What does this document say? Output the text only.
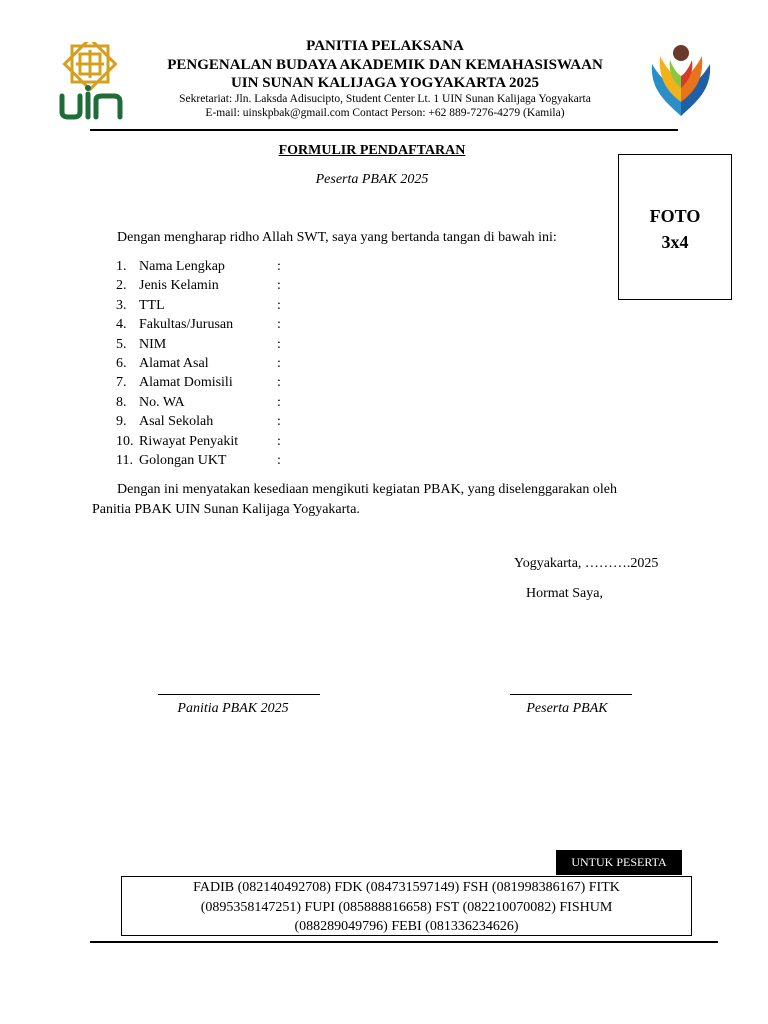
PANITIA PELAKSANA
PENGENALAN BUDAYA AKADEMIK DAN KEMAHASISWAAN
UIN SUNAN KALIJAGA YOGYAKARTA 2025
Sekretariat: Jln. Laksda Adisucipto, Student Center Lt. 1 UIN Sunan Kalijaga Yogyakarta
E-mail: uinskpbak@gmail.com Contact Person: +62 889-7276-4279 (Kamila)
FORMULIR PENDAFTARAN
Peserta PBAK 2025
FOTO
3x4
Dengan mengharap ridho Allah SWT, saya yang bertanda tangan di bawah ini:
1. Nama Lengkap	:
2. Jenis Kelamin	:
3. TTL	:
4. Fakultas/Jurusan	:
5. NIM	:
6. Alamat Asal	:
7. Alamat Domisili	:
8. No. WA	:
9. Asal Sekolah	:
10. Riwayat Penyakit	:
11. Golongan UKT	:
Dengan ini menyatakan kesediaan mengikuti kegiatan PBAK, yang diselenggarakan oleh
Panitia PBAK UIN Sunan Kalijaga Yogyakarta.
Yogyakarta, ……….2025
Hormat Saya,
Panitia PBAK 2025	Peserta PBAK
UNTUK PESERTA
FADIB (082140492708) FDK (084731597149) FSH (081998386167) FITK
(0895358147251) FUPI (085888816658) FST (082210070082) FISHUM
(088289049796) FEBI (081336234626)
